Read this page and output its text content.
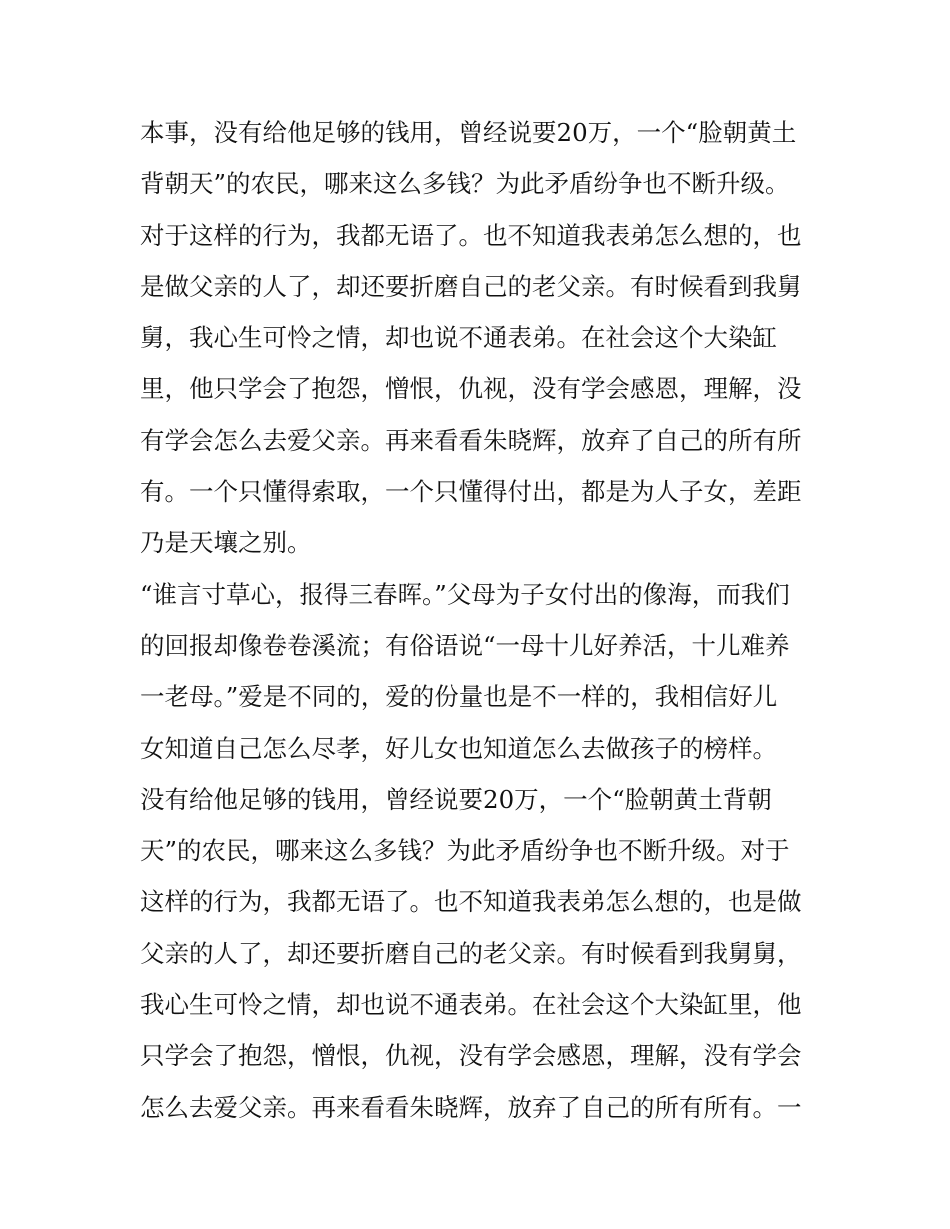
本事，没有给他足够的钱用，曾经说要20万，一个“脸朝黄土
背朝天”的农民，哪来这么多钱？为此矛盾纷争也不断升级。
对于这样的行为，我都无语了。也不知道我表弟怎么想的，也
是做父亲的人了，却还要折磨自己的老父亲。有时候看到我舅
舅，我心生可怜之情，却也说不通表弟。在社会这个大染缸
里，他只学会了抱怨，憎恨，仇视，没有学会感恩，理解，没
有学会怎么去爱父亲。再来看看朱晓辉，放弃了自己的所有所
有。一个只懂得索取，一个只懂得付出，都是为人子女，差距
乃是天壤之别。
“谁言寸草心，报得三春晖。”父母为子女付出的像海，而我们
的回报却像卷卷溪流；有俗语说“一母十儿好养活，十儿难养
一老母。”爱是不同的，爱的份量也是不一样的，我相信好儿
女知道自己怎么尽孝，好儿女也知道怎么去做孩子的榜样。
没有给他足够的钱用，曾经说要20万，一个“脸朝黄土背朝
天”的农民，哪来这么多钱？为此矛盾纷争也不断升级。对于
这样的行为，我都无语了。也不知道我表弟怎么想的，也是做
父亲的人了，却还要折磨自己的老父亲。有时候看到我舅舅，
我心生可怜之情，却也说不通表弟。在社会这个大染缸里，他
只学会了抱怨，憎恨，仇视，没有学会感恩，理解，没有学会
怎么去爱父亲。再来看看朱晓辉，放弃了自己的所有所有。一
